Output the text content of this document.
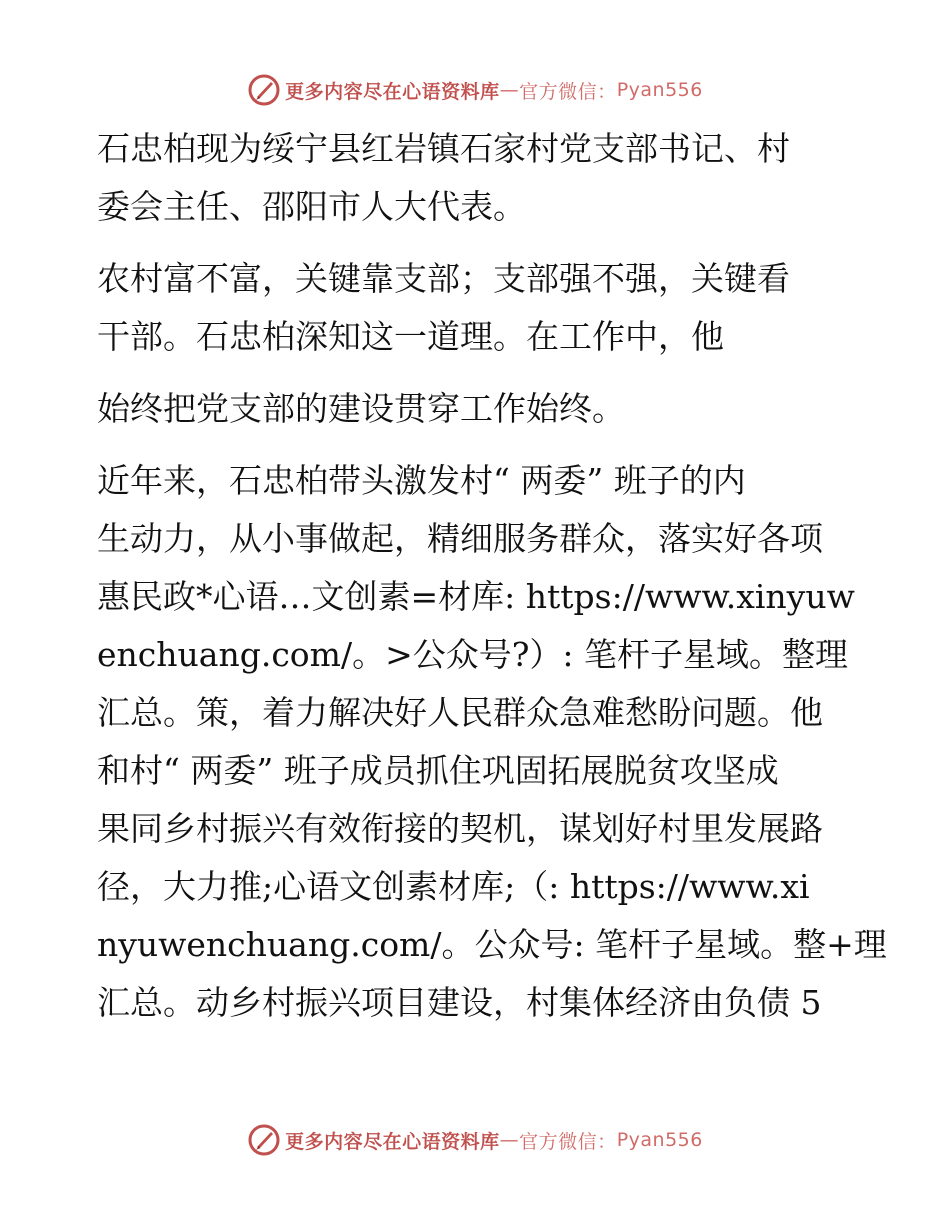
更多内容尽在心语资料库 — 官方微信： Pyan556

石忠柏现为绥宁县红岩镇石家村党支部书记、村
委会主任、邵阳市人大代表。

农村富不富，关键靠支部；支部强不强，关键看
干部。石忠柏深知这一道理。在工作中，他

始终把党支部的建设贯穿工作始终。

近年来，石忠柏带头激发村“ 两委” 班子的内
生动力，从小事做起，精细服务群众，落实好各项
惠民政*心语…文创素=材库: https://www.xinyuw
enchuang.com/。>公众号?）: 笔杆子星域。整理
汇总。策，着力解决好人民群众急难愁盼问题。他
和村“ 两委” 班子成员抓住巩固拓展脱贫攻坚成
果同乡村振兴有效衔接的契机，谋划好村里发展路
径，大力推;心语文创素材库;（: https://www.xi
nyuwenchuang.com/。公众号: 笔杆子星域。整+理
汇总。动乡村振兴项目建设，村集体经济由负债 5

更多内容尽在心语资料库 — 官方微信： Pyan556
